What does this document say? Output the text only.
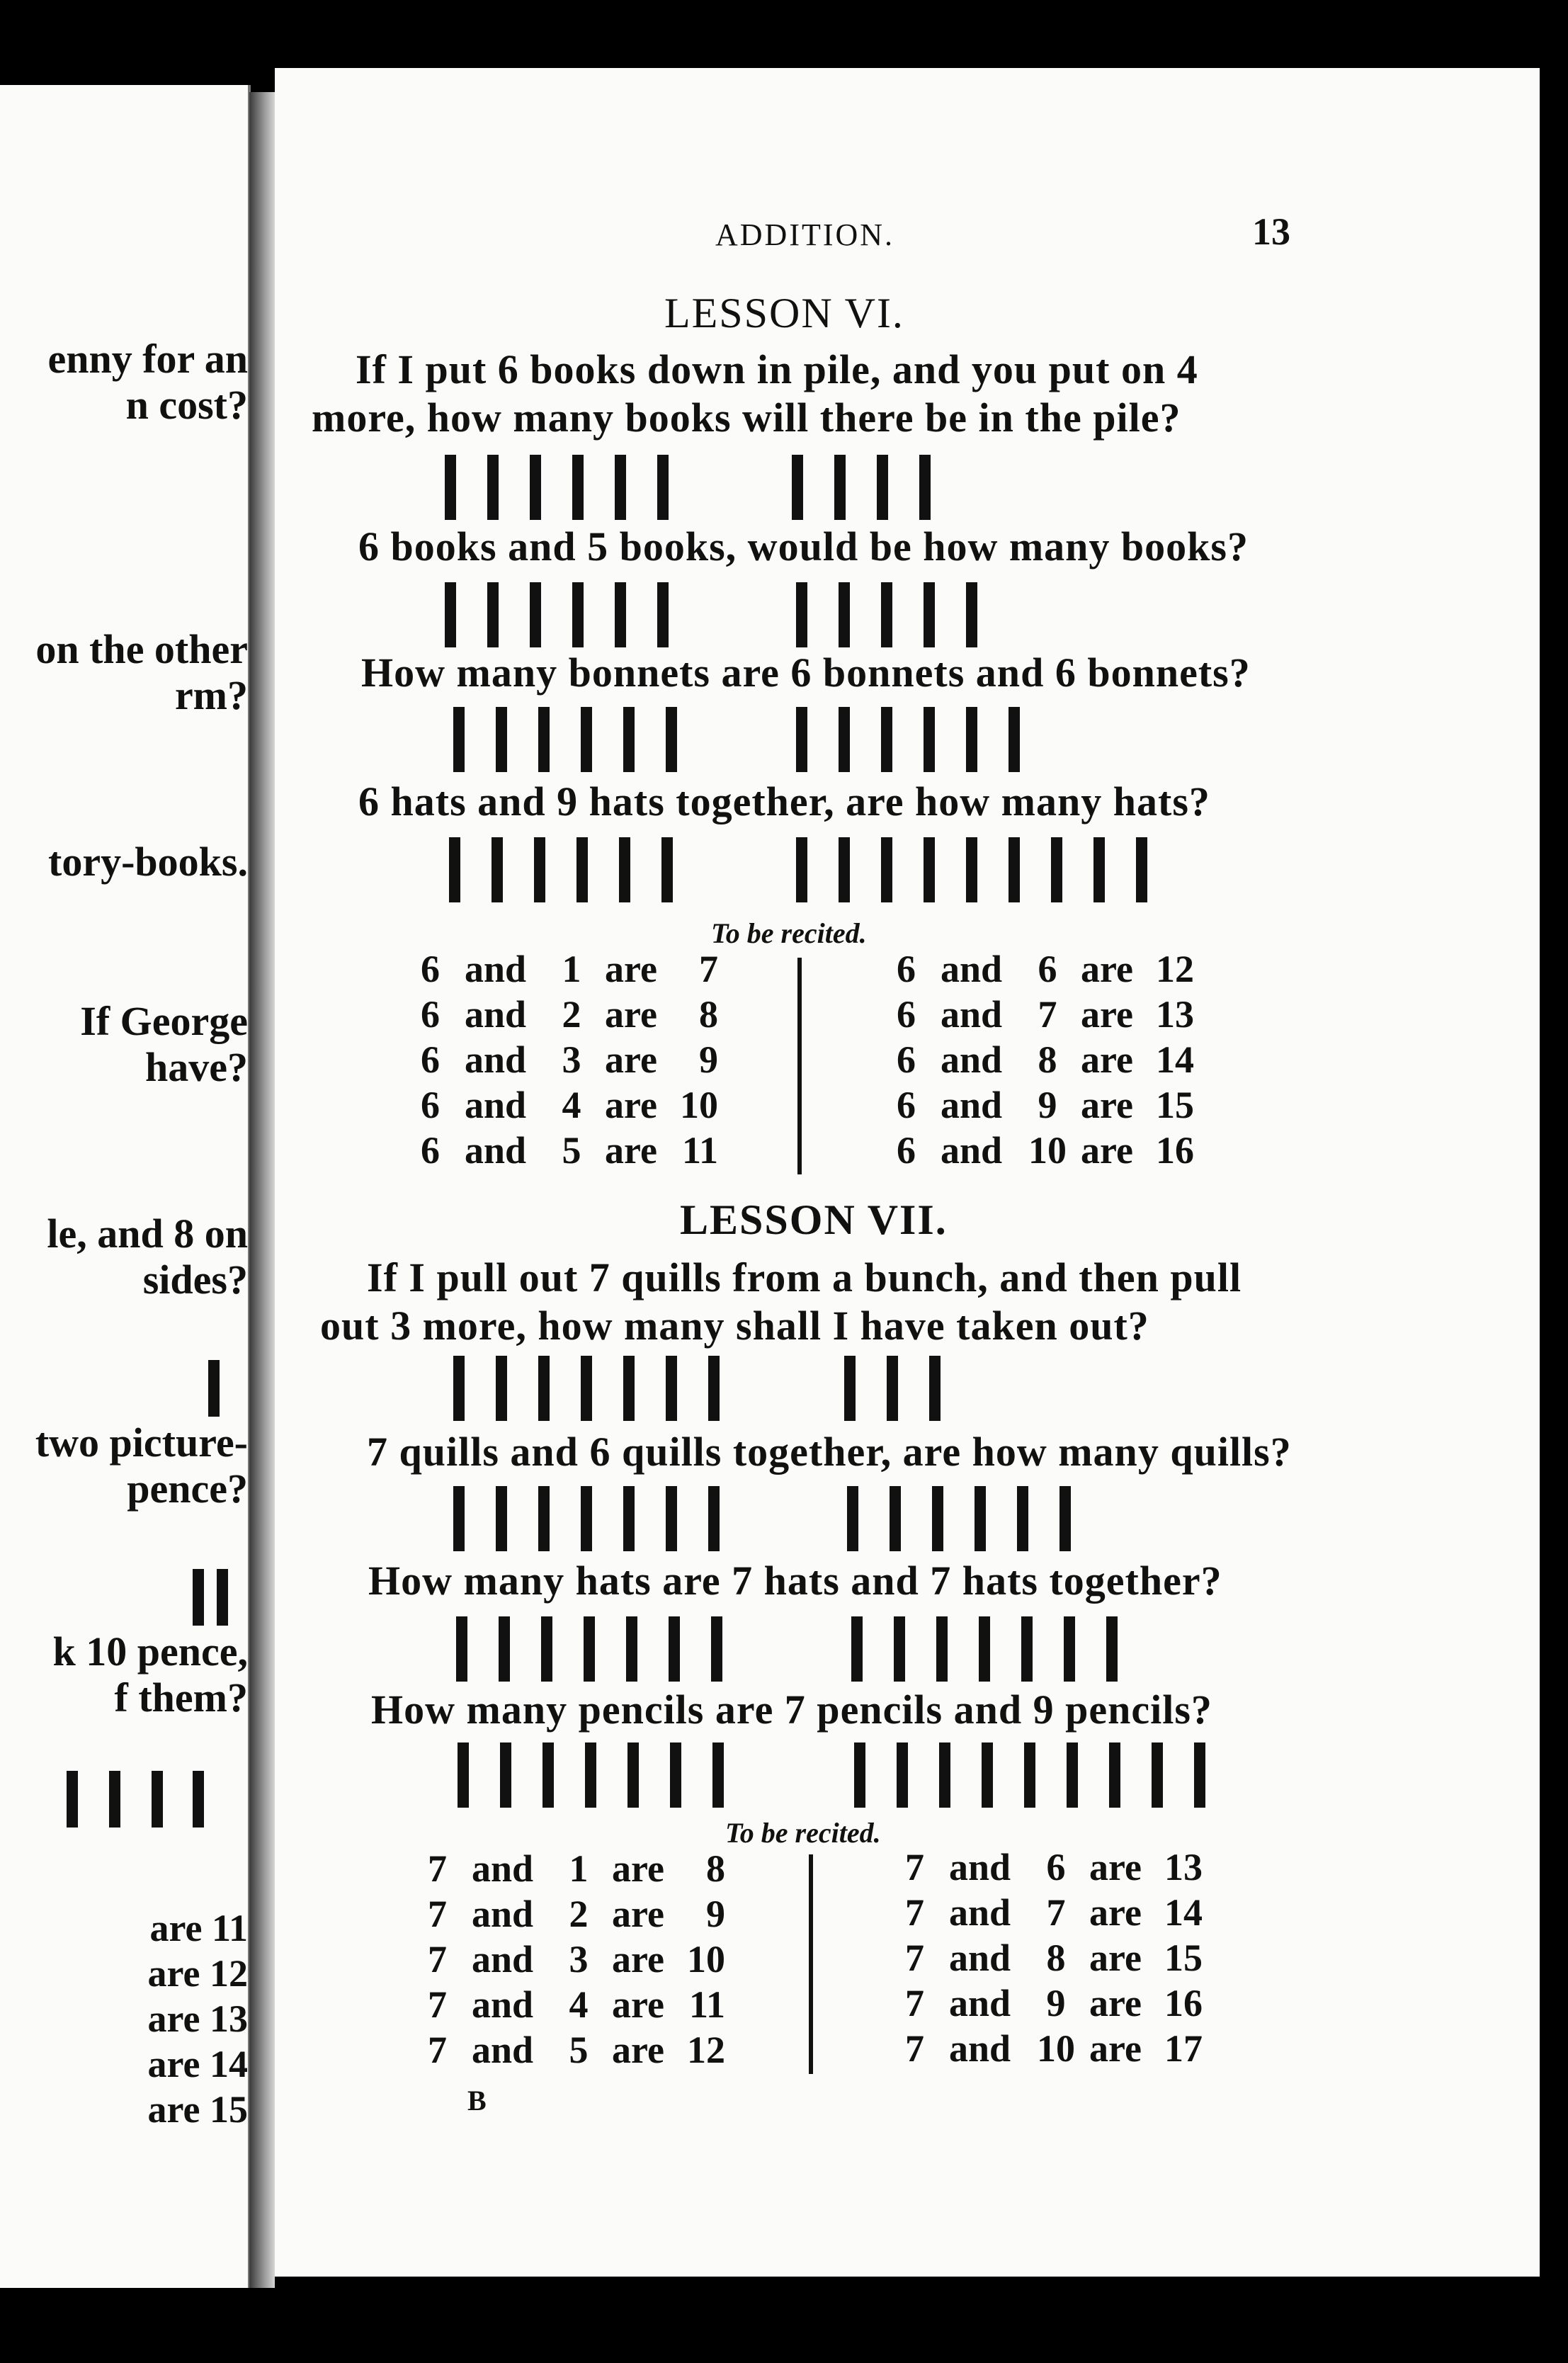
enny for an
n cost?
on the other
rm?
tory-books.
If George
have?
le, and 8 on
sides?
two picture-
pence?
k 10 pence,
f them?
are 11
are 12
are 13
are 14
are 15
ADDITION.	13
LESSON VI.
If I put 6 books down in pile, and you put on 4
more, how many books will there be in the pile?
6 books and 5 books, would be how many books?
How many bonnets are 6 bonnets and 6 bonnets?
6 hats and 9 hats together, are how many hats?
To be recited.
6 and 1 are	7
6 and 2 are	8
6 and 3 are	9
6 and 4 are 10
6 and 5 are 11
6 and 6 are 12
6 and 7 are 13
6 and 8 are 14
6 and 9 are 15
6 and 10 are 16
LESSON VII.
If I pull out 7 quills from a bunch, and then pull
out 3 more, how many shall I have taken out?
7 quills and 6 quills together, are how many quills?
How many hats are 7 hats and 7 hats together?
How many pencils are 7 pencils and 9 pencils?
To be recited.
7 and 1 are	8
7 and 2 are	9
7 and 3 are 10
7 and 4 are 11
7 and 5 are 12
7 and 6 are 13
7 and 7 are 14
7 and 8 are 15
7 and 9 are 16
7 and 10 are 17
B
